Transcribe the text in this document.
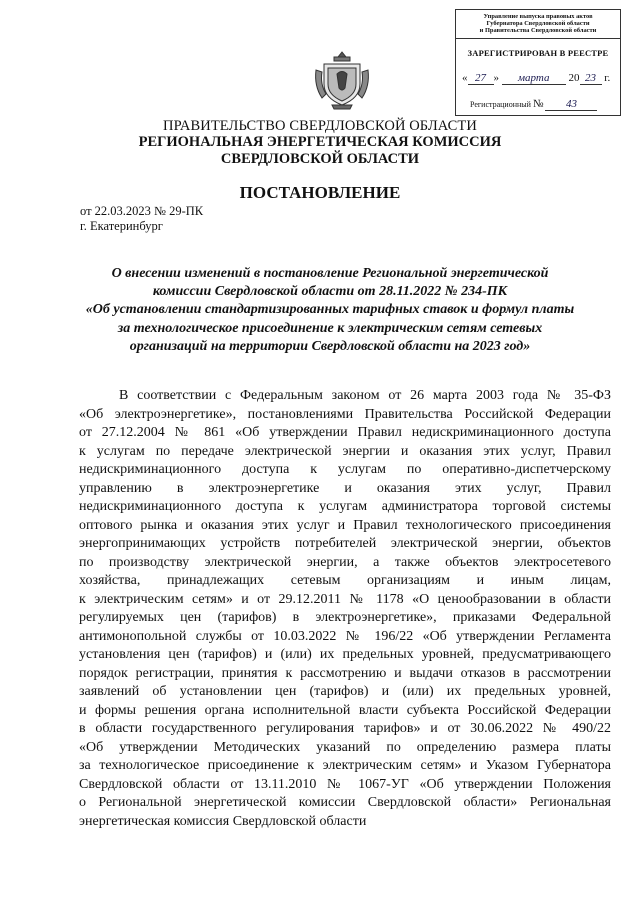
Управление выпуска правовых актов
Губернатора Свердловской области
и Правительства Свердловской области
ЗАРЕГИСТРИРОВАН В РЕЕСТРЕ
« 27 » марта 20 23 г.
Регистрационный № 43
ПРАВИТЕЛЬСТВО СВЕРДЛОВСКОЙ ОБЛАСТИ
РЕГИОНАЛЬНАЯ ЭНЕРГЕТИЧЕСКАЯ КОМИССИЯ
СВЕРДЛОВСКОЙ ОБЛАСТИ
ПОСТАНОВЛЕНИЕ
от 22.03.2023 № 29-ПК
г. Екатеринбург
О внесении изменений в постановление Региональной энергетической
комиссии Свердловской области от 28.11.2022 № 234-ПК
«Об установлении стандартизированных тарифных ставок и формул платы
за технологическое присоединение к электрическим сетям сетевых
организаций на территории Свердловской области на 2023 год»
В соответствии с Федеральным законом от 26 марта 2003 года № 35-ФЗ
«Об электроэнергетике», постановлениями Правительства Российской Федерации
от 27.12.2004 № 861 «Об утверждении Правил недискриминационного доступа
к услугам по передаче электрической энергии и оказания этих услуг, Правил
недискриминационного доступа к услугам по оперативно-диспетчерскому
управлению в электроэнергетике и оказания этих услуг, Правил
недискриминационного доступа к услугам администратора торговой системы
оптового рынка и оказания этих услуг и Правил технологического присоединения
энергопринимающих устройств потребителей электрической энергии, объектов
по производству электрической энергии, а также объектов электросетевого
хозяйства, принадлежащих сетевым организациям и иным лицам,
к электрическим сетям» и от 29.12.2011 № 1178 «О ценообразовании в области
регулируемых цен (тарифов) в электроэнергетике», приказами Федеральной
антимонопольной службы от 10.03.2022 № 196/22 «Об утверждении Регламента
установления цен (тарифов) и (или) их предельных уровней, предусматривающего
порядок регистрации, принятия к рассмотрению и выдачи отказов в рассмотрении
заявлений об установлении цен (тарифов) и (или) их предельных уровней,
и формы решения органа исполнительной власти субъекта Российской Федерации
в области государственного регулирования тарифов» и от 30.06.2022 № 490/22
«Об утверждении Методических указаний по определению размера платы
за технологическое присоединение к электрическим сетям» и Указом Губернатора
Свердловской области от 13.11.2010 № 1067-УГ «Об утверждении Положения
о Региональной энергетической комиссии Свердловской области» Региональная
энергетическая комиссия Свердловской области
